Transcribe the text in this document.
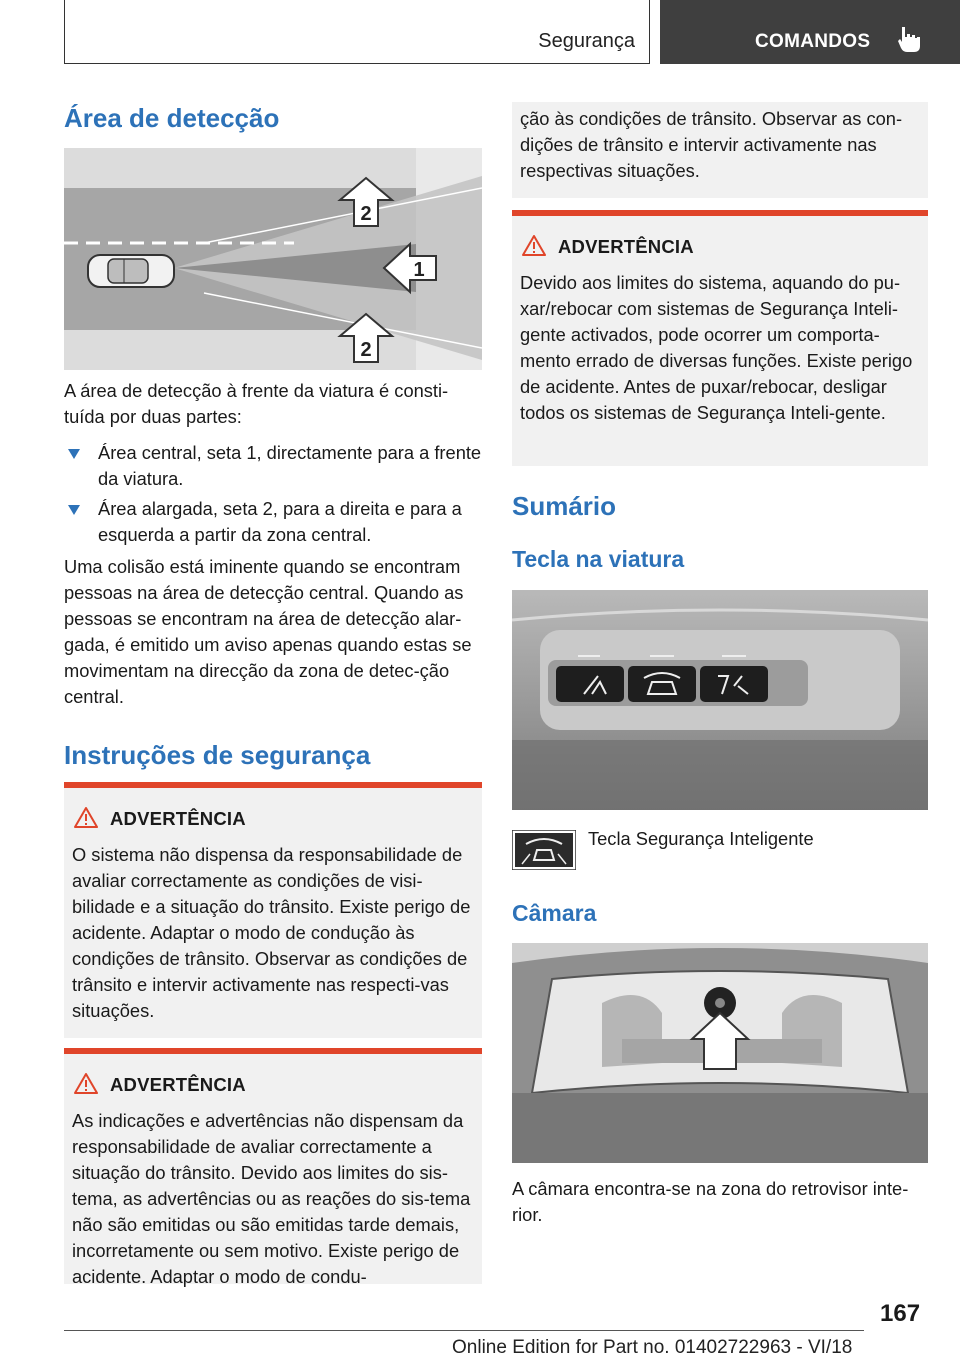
Segurança	COMANDOS
Área de detecção
2
1
2

A área de detecção à frente da viatura é consti-tuída por duas partes:

Área central, seta 1, directamente para a frente da viatura.
Área alargada, seta 2, para a direita e para a esquerda a partir da zona central.

Uma colisão está iminente quando se encontram pessoas na área de detecção central. Quando as pessoas se encontram na área de detecção alar-gada, é emitido um aviso apenas quando estas se movimentam na direcção da zona de detec-ção central.

Instruções de segurança
ADVERTÊNCIA

O sistema não dispensa da responsabilidade de avaliar correctamente as condições de visi-bilidade e a situação do trânsito. Existe perigo de acidente. Adaptar o modo de condução às condições de trânsito. Observar as condições de trânsito e intervir activamente nas respecti-vas situações.

ADVERTÊNCIA

As indicações e advertências não dispensam da responsabilidade de avaliar correctamente a situação do trânsito. Devido aos limites do sis-tema, as advertências ou as reações do sis-tema não são emitidas ou são emitidas tarde demais, incorretamente ou sem motivo. Existe perigo de acidente. Adaptar o modo de condu-

ção às condições de trânsito. Observar as con-dições de trânsito e intervir activamente nas respectivas situações.

ADVERTÊNCIA

Devido aos limites do sistema, aquando do pu-xar/rebocar com sistemas de Segurança Inteli-gente activados, pode ocorrer um comporta-mento errado de diversas funções. Existe perigo de acidente. Antes de puxar/rebocar, desligar todos os sistemas de Segurança Inteli-gente.

Sumário
Tecla na viatura
Tecla Segurança Inteligente
Câmara

A câmara encontra-se na zona do retrovisor inte-rior.

167
Online Edition for Part no. 01402722963 - VI/18
